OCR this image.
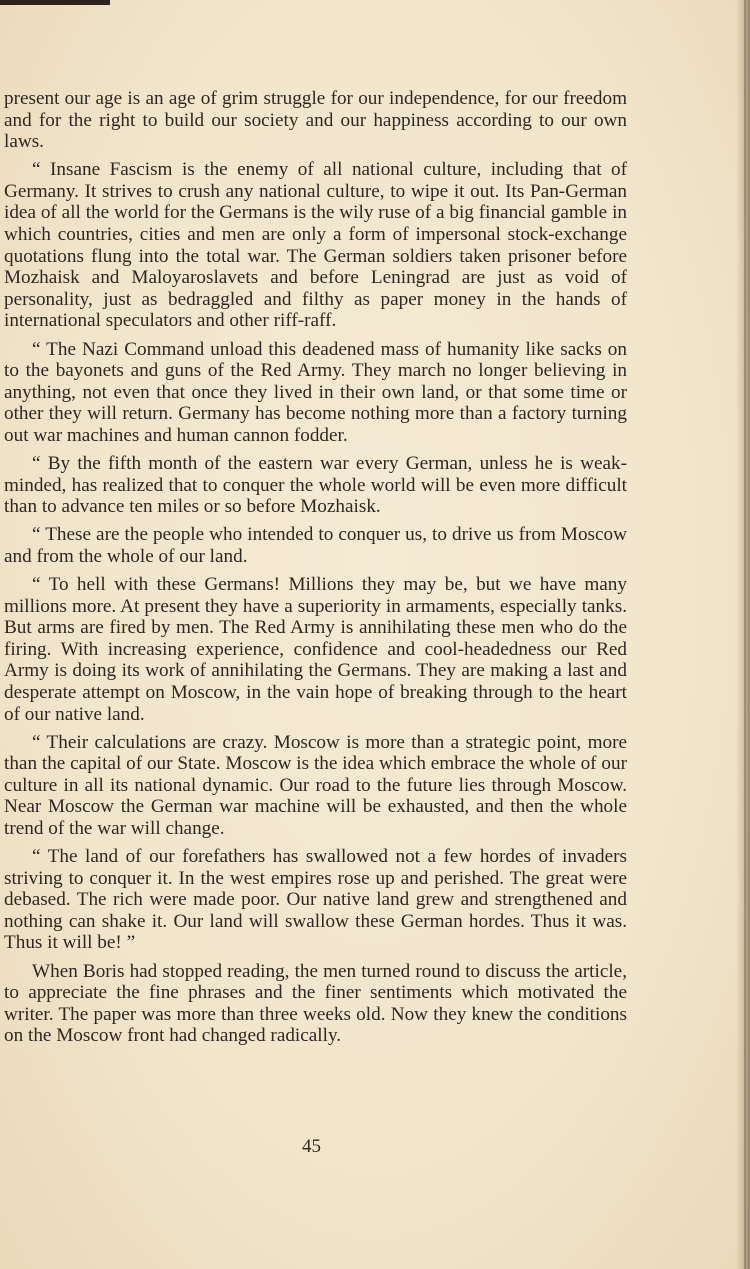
present our age is an age of grim struggle for our independence, for our freedom and for the right to build our society and our happiness according to our own laws.

“ Insane Fascism is the enemy of all national culture, including that of Germany. It strives to crush any national culture, to wipe it out. Its Pan-German idea of all the world for the Germans is the wily ruse of a big financial gamble in which countries, cities and men are only a form of impersonal stock-exchange quotations flung into the total war. The German soldiers taken prisoner before Mozhaisk and Maloyaroslavets and before Leningrad are just as void of personality, just as bedraggled and filthy as paper money in the hands of international speculators and other riff-raff.

“ The Nazi Command unload this deadened mass of humanity like sacks on to the bayonets and guns of the Red Army. They march no longer believing in anything, not even that once they lived in their own land, or that some time or other they will return. Germany has become nothing more than a factory turning out war machines and human cannon fodder.

“ By the fifth month of the eastern war every German, unless he is weak-minded, has realized that to conquer the whole world will be even more difficult than to advance ten miles or so before Mozhaisk.

“ These are the people who intended to conquer us, to drive us from Moscow and from the whole of our land.

“ To hell with these Germans! Millions they may be, but we have many millions more. At present they have a superiority in armaments, especially tanks. But arms are fired by men. The Red Army is annihilating these men who do the firing. With increasing experience, confidence and cool-headedness our Red Army is doing its work of annihilating the Germans. They are making a last and desperate attempt on Moscow, in the vain hope of breaking through to the heart of our native land.

“ Their calculations are crazy. Moscow is more than a strategic point, more than the capital of our State. Moscow is the idea which embrace the whole of our culture in all its national dynamic. Our road to the future lies through Moscow. Near Moscow the German war machine will be exhausted, and then the whole trend of the war will change.

“ The land of our forefathers has swallowed not a few hordes of invaders striving to conquer it. In the west empires rose up and perished. The great were debased. The rich were made poor. Our native land grew and strengthened and nothing can shake it. Our land will swallow these German hordes. Thus it was. Thus it will be! ”

When Boris had stopped reading, the men turned round to discuss the article, to appreciate the fine phrases and the finer sentiments which motivated the writer. The paper was more than three weeks old. Now they knew the conditions on the Moscow front had changed radically.

45
